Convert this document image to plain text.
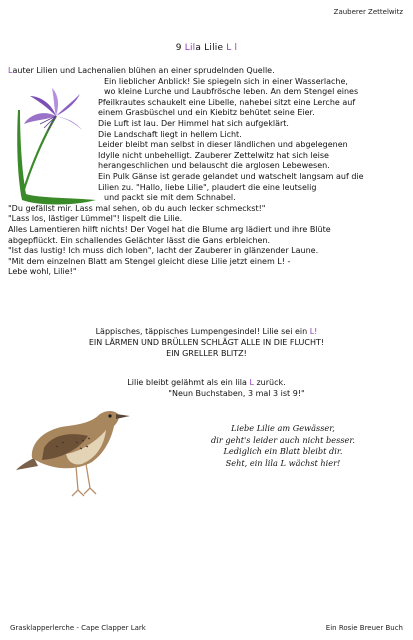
Zauberer Zettelwitz
9 Lila Lilie L l
Lauter Lilien und Lachenalien blühen an einer sprudelnden Quelle.
Ein lieblicher Anblick! Sie spiegeln sich in einer Wasserlache,
wo kleine Lurche und Laubfrösche leben. An dem Stengel eines
Pfeilkrautes schaukelt eine Libelle, nahebei sitzt eine Lerche auf
einem Grasbüschel und ein Kiebitz behütet seine Eier.
Die Luft ist lau. Der Himmel hat sich aufgeklärt.
Die Landschaft liegt in hellem Licht.
Leider bleibt man selbst in dieser ländlichen und abgelegenen
Idylle nicht unbehelligt. Zauberer Zettelwitz hat sich leise
herangeschlichen und belauscht die arglosen Lebewesen.
Ein Pulk Gänse ist gerade gelandet und watschelt langsam auf die
Lilien zu. "Hallo, liebe Lilie", plaudert die eine leutselig
und packt sie mit dem Schnabel.
"Du gefällst mir. Lass mal sehen, ob du auch lecker schmeckst!"
"Lass los, lästiger Lümmel"! lispelt die Lilie.
Alles Lamentieren hilft nichts! Der Vogel hat die Blume arg lädiert und ihre Blüte
abgepflückt. Ein schallendes Gelächter lässt die Gans erbleichen.
"Ist das lustig! Ich muss dich loben", lacht der Zauberer in glänzender Laune.
"Mit dem einzelnen Blatt am Stengel gleicht diese Lilie jetzt einem L! -
Lebe wohl, Lilie!"
Läppisches, täppisches Lumpengesindel! Lilie sei ein L!
EIN LÄRMEN UND BRÜLLEN SCHLÄGT ALLE IN DIE FLUCHT!
EIN GRELLER BLITZ!
Lilie bleibt gelähmt als ein lila L zurück.
"Neun Buchstaben, 3 mal 3 ist 9!"
Liebe Lilie am Gewässer,
dir geht's leider auch nicht besser.
Lediglich ein Blatt bleibt dir.
Seht, ein lila L wächst hier!
Grasklapperlerche - Cape Clapper Lark	Ein Rosie Breuer Buch
